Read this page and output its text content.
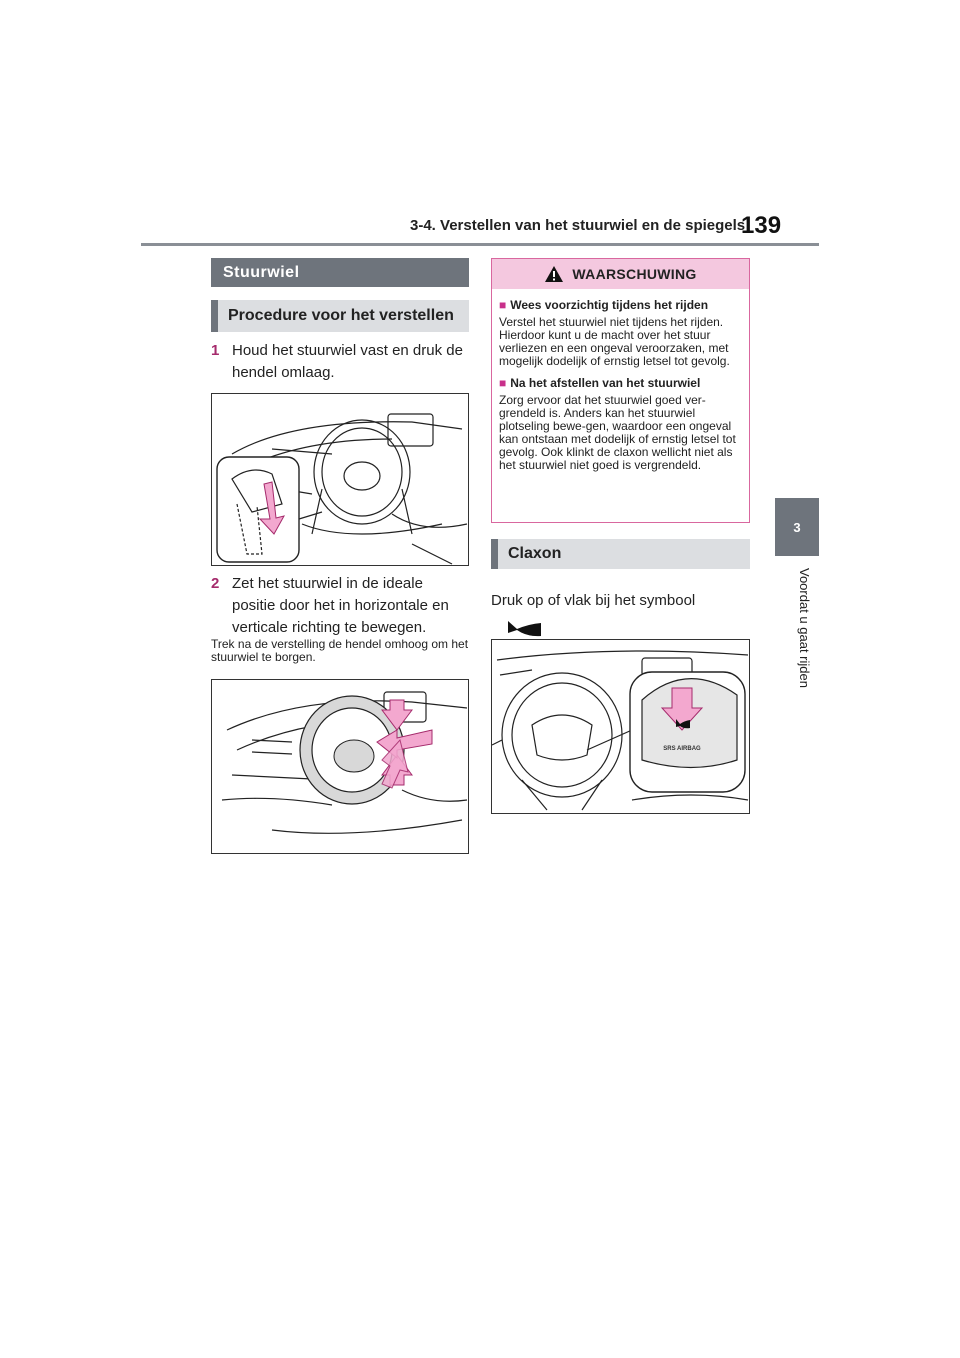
3-4. Verstellen van het stuurwiel en de spiegels
139
3
Voordat u gaat rijden
Stuurwiel
Procedure voor het verstellen
1 Houd het stuurwiel vast en druk de hendel omlaag.
2 Zet het stuurwiel in de ideale positie door het in horizontale en verticale richting te bewegen.
Trek na de verstelling de hendel omhoog om het stuurwiel te borgen.
WAARSCHUWING
■ Wees voorzichtig tijdens het rijden
Verstel het stuurwiel niet tijdens het rijden. Hierdoor kunt u de macht over het stuur verliezen en een ongeval veroorzaken, met mogelijk dodelijk of ernstig letsel tot gevolg.
■ Na het afstellen van het stuurwiel
Zorg ervoor dat het stuurwiel goed ver-grendeld is. Anders kan het stuurwiel plotseling bewe-gen, waardoor een ongeval kan ontstaan met dodelijk of ernstig letsel tot gevolg. Ook klinkt de claxon wellicht niet als het stuurwiel niet goed is vergrendeld.
Claxon
Druk op of vlak bij het symbool
SRS AIRBAG
